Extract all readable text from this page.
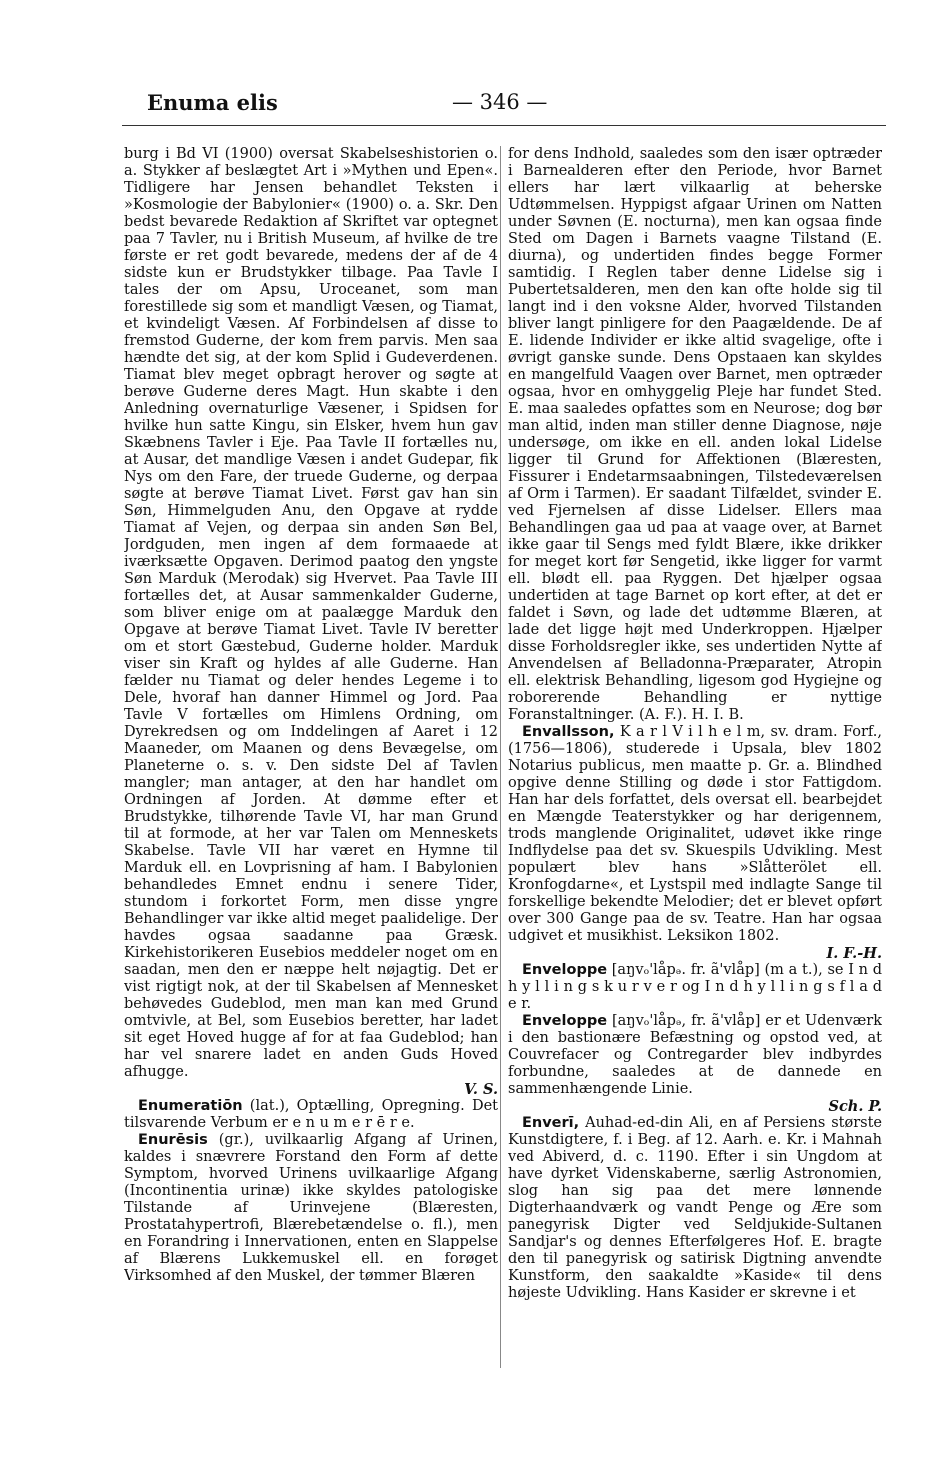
Enuma elis	— 346 —

burg i Bd VI (1900) oversat Skabelseshistorien o. a. Stykker af beslægtet Art i »Mythen und Epen«. Tidligere har Jensen behandlet Teksten i »Kosmologie der Babylonier« (1900) o. a. Skr. Den bedst bevarede Redaktion af Skriftet var optegnet paa 7 Tavler, nu i British Museum, af hvilke de tre første er ret godt bevarede, medens der af de 4 sidste kun er Brudstykker tilbage. Paa Tavle I tales der om Apsu, Uroceanet, som man forestillede sig som et mandligt Væsen, og Tiamat, et kvindeligt Væsen. Af Forbindelsen af disse to fremstod Guderne, der kom frem parvis. Men saa hændte det sig, at der kom Splid i Gudeverdenen. Tiamat blev meget opbragt herover og søgte at berøve Guderne deres Magt. Hun skabte i den Anledning overnaturlige Væsener, i Spidsen for hvilke hun satte Kingu, sin Elsker, hvem hun gav Skæbnens Tavler i Eje. Paa Tavle II fortælles nu, at Ausar, det mandlige Væsen i andet Gudepar, fik Nys om den Fare, der truede Guderne, og derpaa søgte at berøve Tiamat Livet. Først gav han sin Søn, Himmelguden Anu, den Opgave at rydde Tiamat af Vejen, og derpaa sin anden Søn Bel, Jordguden, men ingen af dem formaaede at iværksætte Opgaven. Derimod paatog den yngste Søn Marduk (Merodak) sig Hvervet. Paa Tavle III fortælles det, at Ausar sammenkalder Guderne, som bliver enige om at paalægge Marduk den Opgave at berøve Tiamat Livet. Tavle IV beretter om et stort Gæstebud, Guderne holder. Marduk viser sin Kraft og hyldes af alle Guderne. Han fælder nu Tiamat og deler hendes Legeme i to Dele, hvoraf han danner Himmel og Jord. Paa Tavle V fortælles om Himlens Ordning, om Dyrekredsen og om Inddelingen af Aaret i 12 Maaneder, om Maanen og dens Bevægelse, om Planeterne o. s. v. Den sidste Del af Tavlen mangler; man antager, at den har handlet om Ordningen af Jorden. At dømme efter et Brudstykke, tilhørende Tavle VI, har man Grund til at formode, at her var Talen om Menneskets Skabelse. Tavle VII har været en Hymne til Marduk ell. en Lovprisning af ham. I Babylonien behandledes Emnet endnu i senere Tider, stundom i forkortet Form, men disse yngre Behandlinger var ikke altid meget paalidelige. Der havdes ogsaa saadanne paa Græsk. Kirkehistorikeren Eusebios meddeler noget om en saadan, men den er næppe helt nøjagtig. Det er vist rigtigt nok, at der til Skabelsen af Mennesket behøvedes Gudeblod, men man kan med Grund omtvivle, at Bel, som Eusebios beretter, har ladet sit eget Hoved hugge af for at faa Gudeblod; han har vel snarere ladet en anden Guds Hoved afhugge.
V. S.

Enumeratiōn (lat.), Optælling, Opregning. Det tilsvarende Verbum er e n u m e r ē r e.

Enurēsis (gr.), uvilkaarlig Afgang af Urinen, kaldes i snævrere Forstand den Form af dette Symptom, hvorved Urinens uvilkaarlige Afgang (Incontinentia urinæ) ikke skyldes patologiske Tilstande af Urinvejene (Blæresten, Prostatahypertrofi, Blærebetændelse o. fl.), men en Forandring i Innervationen, enten en Slappelse af Blærens Lukkemuskel ell. en forøget Virksomhed af den Muskel, der tømmer Blæren

for dens Indhold, saaledes som den især optræder i Barnealderen efter den Periode, hvor Barnet ellers har lært vilkaarlig at beherske Udtømmelsen. Hyppigst afgaar Urinen om Natten under Søvnen (E. nocturna), men kan ogsaa finde Sted om Dagen i Barnets vaagne Tilstand (E. diurna), og undertiden findes begge Former samtidig. I Reglen taber denne Lidelse sig i Pubertetsalderen, men den kan ofte holde sig til langt ind i den voksne Alder, hvorved Tilstanden bliver langt pinligere for den Paagældende. De af E. lidende Individer er ikke altid svagelige, ofte i øvrigt ganske sunde. Dens Opstaaen kan skyldes en mangelfuld Vaagen over Barnet, men optræder ogsaa, hvor en omhyggelig Pleje har fundet Sted. E. maa saaledes opfattes som en Neurose; dog bør man altid, inden man stiller denne Diagnose, nøje undersøge, om ikke en ell. anden lokal Lidelse ligger til Grund for Affektionen (Blæresten, Fissurer i Endetarmsaabningen, Tilstedeværelsen af Orm i Tarmen). Er saadant Tilfældet, svinder E. ved Fjernelsen af disse Lidelser. Ellers maa Behandlingen gaa ud paa at vaage over, at Barnet ikke gaar til Sengs med fyldt Blære, ikke drikker for meget kort før Sengetid, ikke ligger for varmt ell. blødt ell. paa Ryggen. Det hjælper ogsaa undertiden at tage Barnet op kort efter, at det er faldet i Søvn, og lade det udtømme Blæren, at lade det ligge højt med Underkroppen. Hjælper disse Forholdsregler ikke, ses undertiden Nytte af Anvendelsen af Belladonna-Præparater, Atropin ell. elektrisk Behandling, ligesom god Hygiejne og roborerende Behandling er nyttige Foranstaltninger. (A. F.). H. I. B.

Envallsson, K a r l V i l h e l m, sv. dram. Forf., (1756—1806), studerede i Upsala, blev 1802 Notarius publicus, men maatte p. Gr. a. Blindhed opgive denne Stilling og døde i stor Fattigdom. Han har dels forfattet, dels oversat ell. bearbejdet en Mængde Teaterstykker og har derigennem, trods manglende Originalitet, udøvet ikke ringe Indflydelse paa det sv. Skuespils Udvikling. Mest populært blev hans »Slåtterölet ell. Kronfogdarne«, et Lystspil med indlagte Sange til forskellige bekendte Melodier; det er blevet opført over 300 Gange paa de sv. Teatre. Han har ogsaa udgivet et musikhist. Leksikon 1802.
I. F.-H.

Enveloppe [aŋvₒ'låpₔ. fr. ã'vlåp] (m a t.), se I n d h y l l i n g s k u r v e r og I n d h y l l i n g s f l a d e r.

Enveloppe [aŋvₒ'låpₔ, fr. ã'vlåp] er et Udenværk i den bastionære Befæstning og opstod ved, at Couvrefacer og Contregarder blev indbyrdes forbundne, saaledes at de dannede en sammenhængende Linie.
Sch. P.

Enverī, Auhad-ed-din Ali, en af Persiens største Kunstdigtere, f. i Beg. af 12. Aarh. e. Kr. i Mahnah ved Abiverd, d. c. 1190. Efter i sin Ungdom at have dyrket Videnskaberne, særlig Astronomien, slog han sig paa det mere lønnende Digterhaandværk og vandt Penge og Ære som panegyrisk Digter ved Seldjukide-Sultanen Sandjar's og dennes Efterfølgeres Hof. E. bragte den til panegyrisk og satirisk Digtning anvendte Kunstform, den saakaldte »Kaside« til dens højeste Udvikling. Hans Kasider er skrevne i et
